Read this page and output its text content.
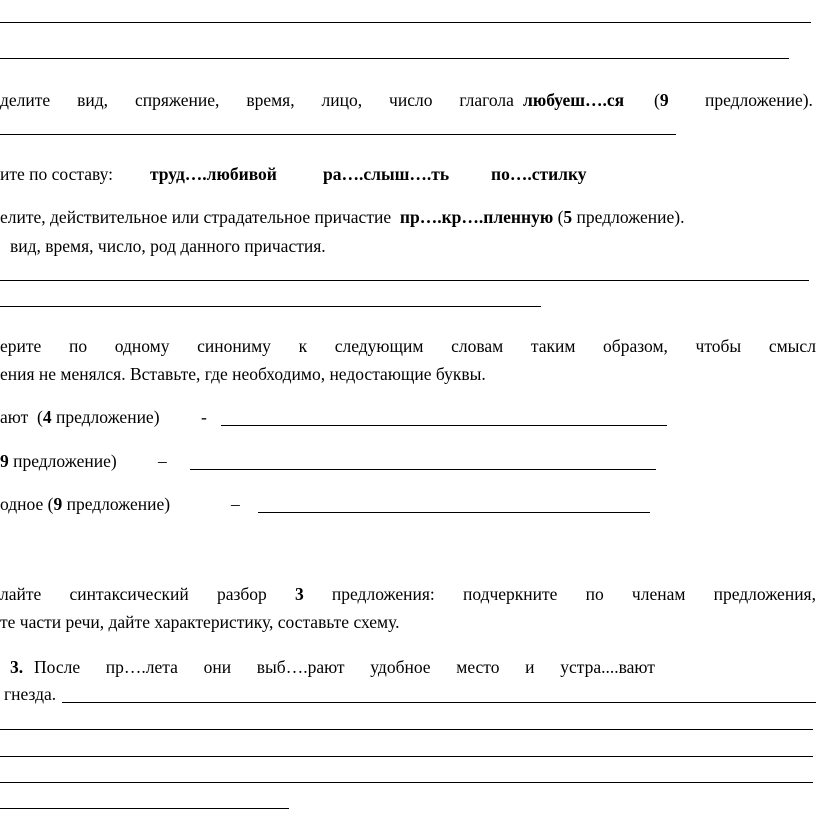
делите вид, спряжение, время, лицо, число глагола любуеш….ся (9 предложение).
ите по составу: труд….любивой	ра….слыш….ть по….стилку
елите, действительное или страдательное причастие пр….кр….пленную (5 предложение).
вид, время, число, род данного причастия.
ерите по одному синониму к следующим словам таким образом, чтобы смысл
ения не менялся. Вставьте, где необходимо, недостающие буквы.
ают (4 предложение) -
9 предложение) –
одное (9 предложение)	–
лайте синтаксический разбор 3 предложения: подчеркните по членам предложения,
те части речи, дайте характеристику, составьте схему.
3. После пр….лета они выб….рают удобное место и устра....вают
гнезда.
